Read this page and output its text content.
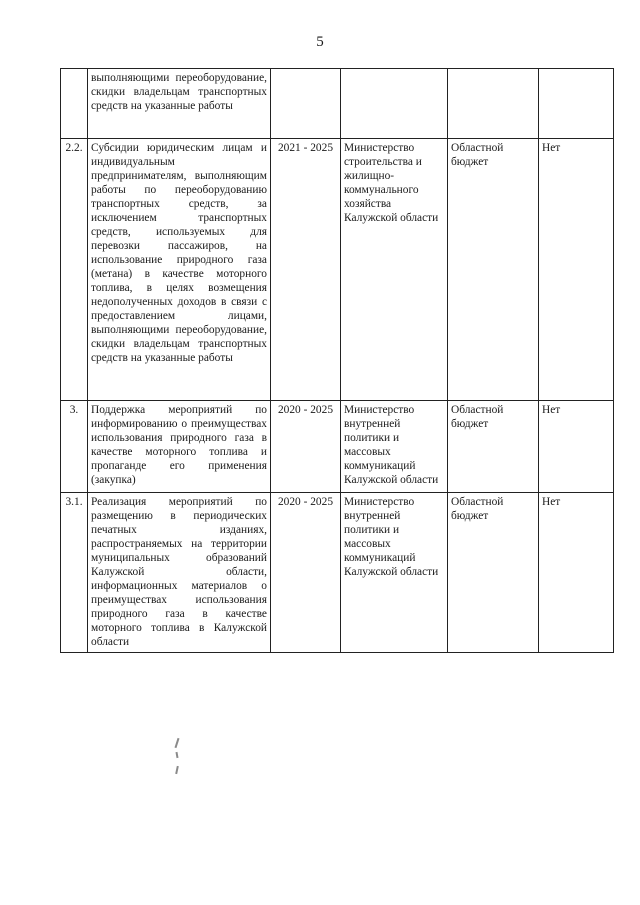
5
	выполняющими переоборудование, скидки владельцам транспортных средств на указанные работы				
2.2.	Субсидии юридическим лицам и индивидуальным предпринимателям, выполняющим работы по переоборудованию транспортных средств, за исключением транспортных средств, используемых для перевозки пассажиров, на использование природного газа (метана) в качестве моторного топлива, в целях возмещения недополученных доходов в связи с предоставлением лицами, выполняющими переоборудование, скидки владельцам транспортных средств на указанные работы	2021 - 2025	Министерство строительства и жилищно-коммунального хозяйства Калужской области	Областной бюджет	Нет
3.	Поддержка мероприятий по информированию о преимуществах использования природного газа в качестве моторного топлива и пропаганде его применения (закупка)	2020 - 2025	Министерство внутренней политики и массовых коммуникаций Калужской области	Областной бюджет	Нет
3.1.	Реализация мероприятий по размещению в периодических печатных изданиях, распространяемых на территории муниципальных образований Калужской области, информационных материалов о преимуществах использования природного газа в качестве моторного топлива в Калужской области	2020 - 2025	Министерство внутренней политики и массовых коммуникаций Калужской области	Областной бюджет	Нет
